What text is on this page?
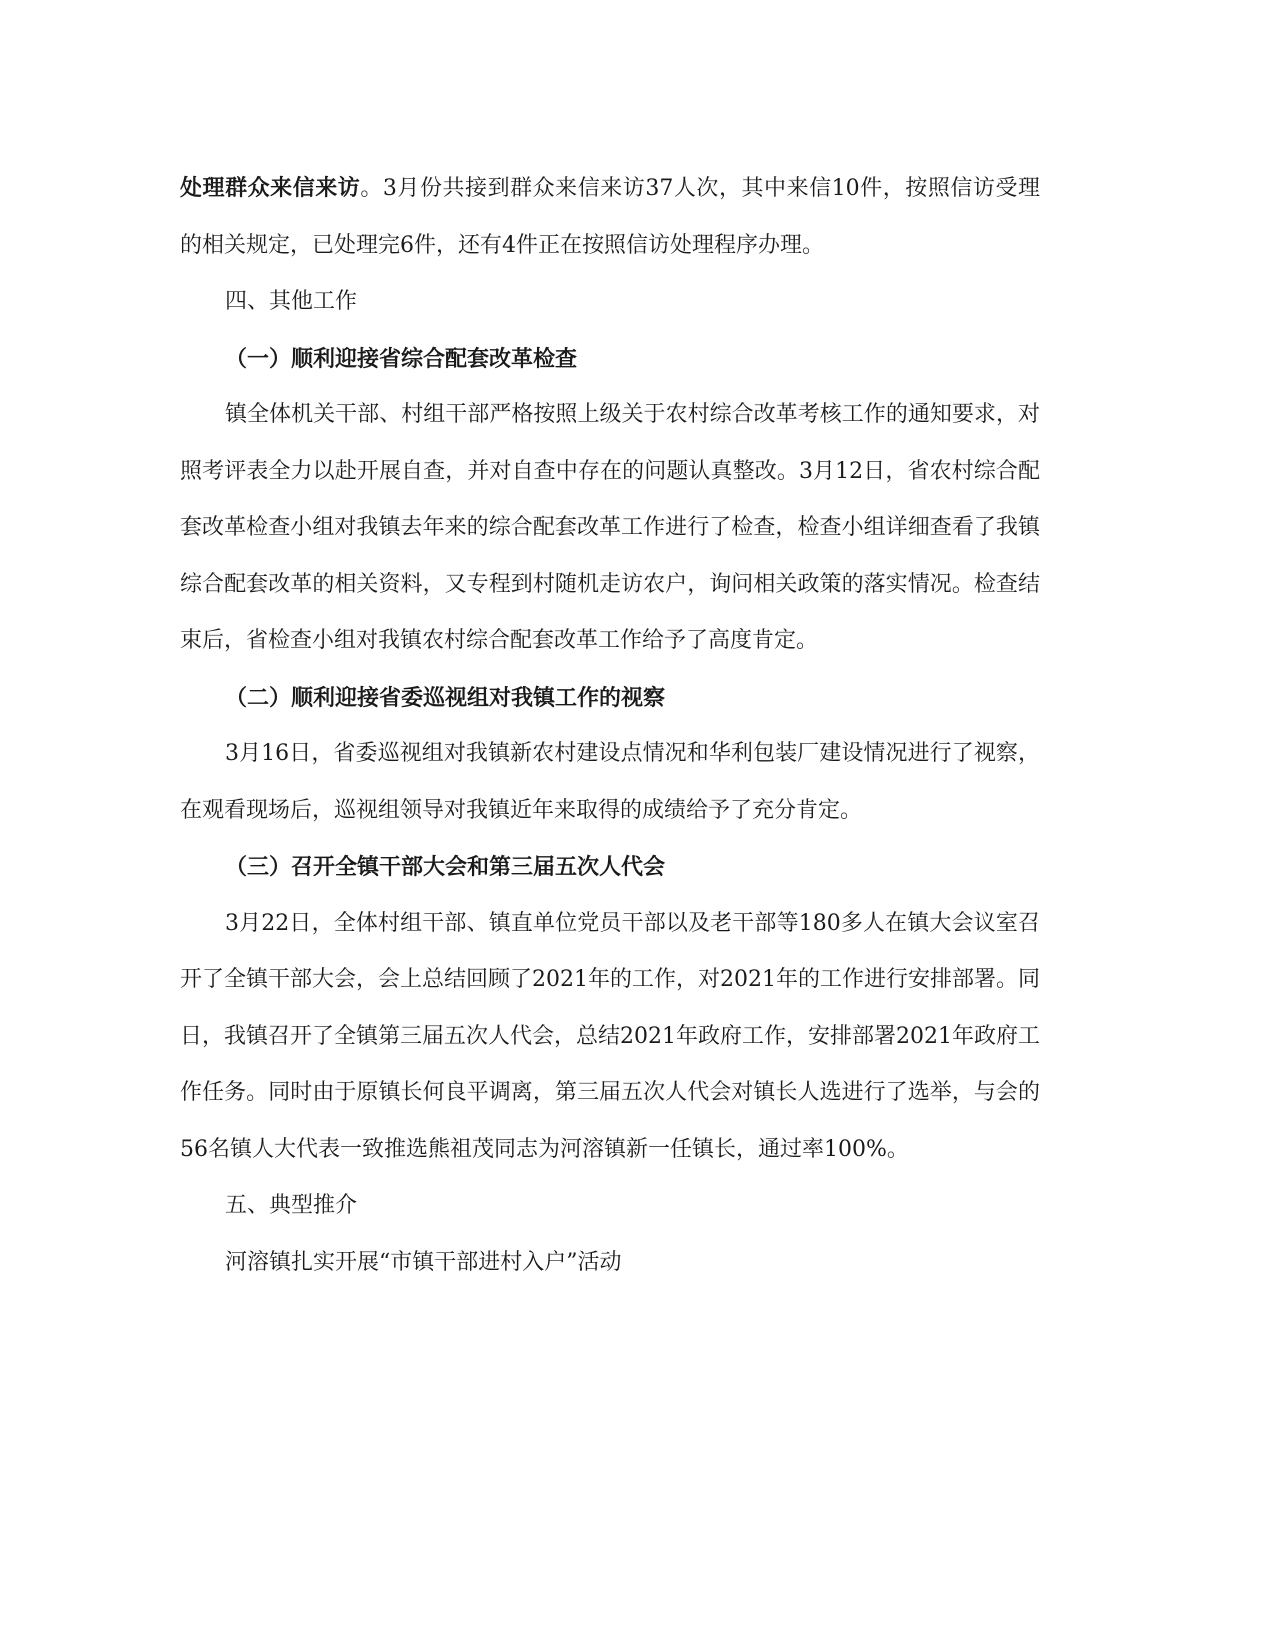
处理群众来信来访。3月份共接到群众来信来访37人次，其中来信10件，按照信访受理的相关规定，已处理完6件，还有4件正在按照信访处理程序办理。

四、其他工作

（一）顺利迎接省综合配套改革检查

镇全体机关干部、村组干部严格按照上级关于农村综合改革考核工作的通知要求，对照考评表全力以赴开展自查，并对自查中存在的问题认真整改。3月12日，省农村综合配套改革检查小组对我镇去年来的综合配套改革工作进行了检查，检查小组详细查看了我镇综合配套改革的相关资料，又专程到村随机走访农户，询问相关政策的落实情况。检查结束后，省检查小组对我镇农村综合配套改革工作给予了高度肯定。

（二）顺利迎接省委巡视组对我镇工作的视察

3月16日，省委巡视组对我镇新农村建设点情况和华利包装厂建设情况进行了视察，在观看现场后，巡视组领导对我镇近年来取得的成绩给予了充分肯定。

（三）召开全镇干部大会和第三届五次人代会

3月22日，全体村组干部、镇直单位党员干部以及老干部等180多人在镇大会议室召开了全镇干部大会，会上总结回顾了2021年的工作，对2021年的工作进行安排部署。同日，我镇召开了全镇第三届五次人代会，总结2021年政府工作，安排部署2021年政府工作任务。同时由于原镇长何良平调离，第三届五次人代会对镇长人选进行了选举，与会的56名镇人大代表一致推选熊祖茂同志为河溶镇新一任镇长，通过率100%。

五、典型推介

河溶镇扎实开展“市镇干部进村入户”活动
